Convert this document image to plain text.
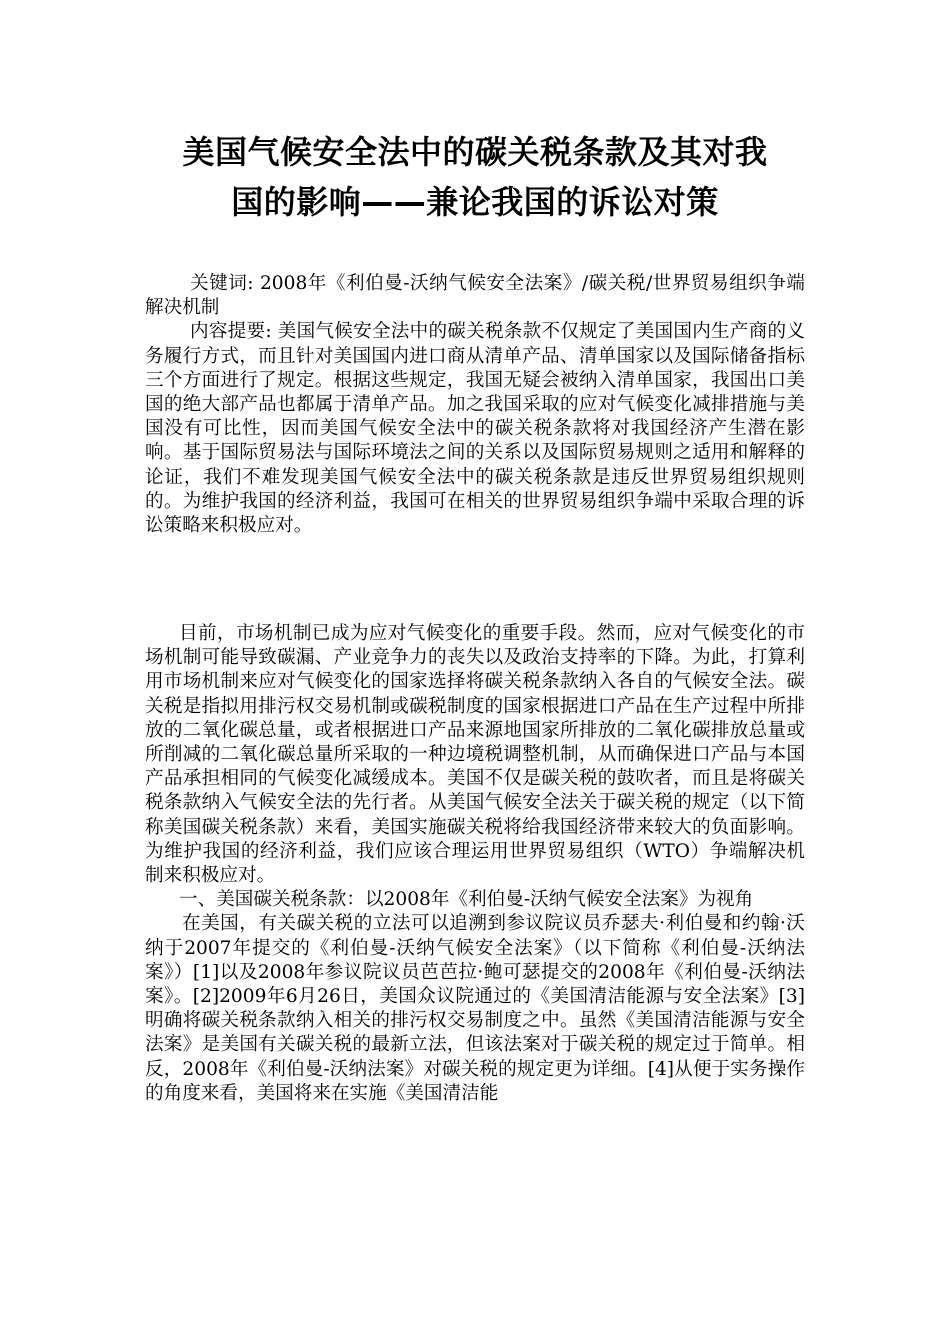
美国气候安全法中的碳关税条款及其对我
国的影响——兼论我国的诉讼对策

关键词: 2008年《利伯曼-沃纳气候安全法案》/碳关税/世界贸易组织争端解决机制

内容提要: 美国气候安全法中的碳关税条款不仅规定了美国国内生产商的义务履行方式，而且针对美国国内进口商从清单产品、清单国家以及国际储备指标三个方面进行了规定。根据这些规定，我国无疑会被纳入清单国家，我国出口美国的绝大部产品也都属于清单产品。加之我国采取的应对气候变化减排措施与美国没有可比性，因而美国气候安全法中的碳关税条款将对我国经济产生潜在影响。基于国际贸易法与国际环境法之间的关系以及国际贸易规则之适用和解释的论证，我们不难发现美国气候安全法中的碳关税条款是违反世界贸易组织规则的。为维护我国的经济利益，我国可在相关的世界贸易组织争端中采取合理的诉讼策略来积极应对。

目前，市场机制已成为应对气候变化的重要手段。然而，应对气候变化的市场机制可能导致碳漏、产业竞争力的丧失以及政治支持率的下降。为此，打算利用市场机制来应对气候变化的国家选择将碳关税条款纳入各自的气候安全法。碳关税是指拟用排污权交易机制或碳税制度的国家根据进口产品在生产过程中所排放的二氧化碳总量，或者根据进口产品来源地国家所排放的二氧化碳排放总量或所削减的二氧化碳总量所采取的一种边境税调整机制，从而确保进口产品与本国产品承担相同的气候变化减缓成本。美国不仅是碳关税的鼓吹者，而且是将碳关税条款纳入气候安全法的先行者。从美国气候安全法关于碳关税的规定（以下简称美国碳关税条款）来看，美国实施碳关税将给我国经济带来较大的负面影响。为维护我国的经济利益，我们应该合理运用世界贸易组织（WTO）争端解决机制来积极应对。

一、美国碳关税条款：以2008年《利伯曼-沃纳气候安全法案》为视角

在美国，有关碳关税的立法可以追溯到参议院议员乔瑟夫·利伯曼和约翰·沃纳于2007年提交的《利伯曼-沃纳气候安全法案》（以下简称《利伯曼-沃纳法案》）[1]以及2008年参议院议员芭芭拉·鲍可瑟提交的2008年《利伯曼-沃纳法案》。[2]2009年6月26日，美国众议院通过的《美国清洁能源与安全法案》[3]明确将碳关税条款纳入相关的排污权交易制度之中。虽然《美国清洁能源与安全法案》是美国有关碳关税的最新立法，但该法案对于碳关税的规定过于简单。相反，2008年《利伯曼-沃纳法案》对碳关税的规定更为详细。[4]从便于实务操作的角度来看，美国将来在实施《美国清洁能
